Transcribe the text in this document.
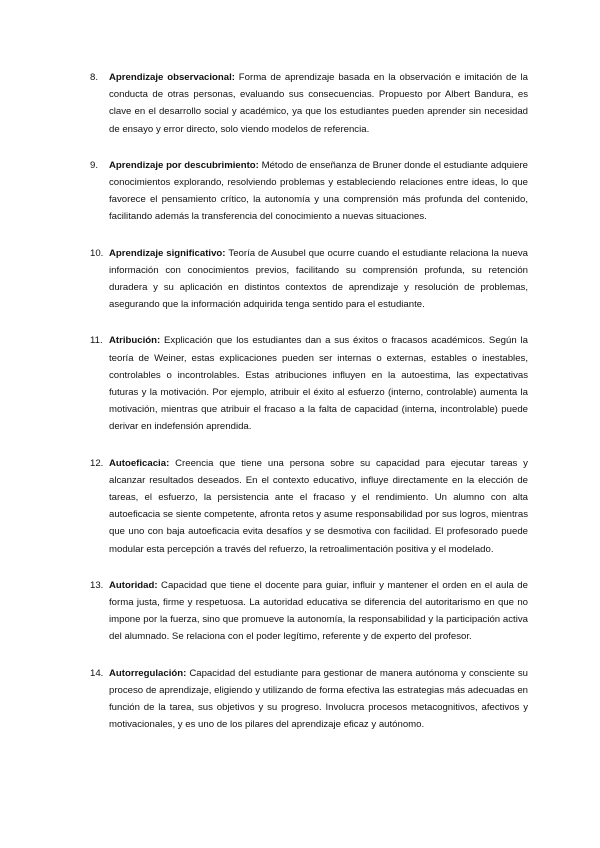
8. Aprendizaje observacional: Forma de aprendizaje basada en la observación e imitación de la conducta de otras personas, evaluando sus consecuencias. Propuesto por Albert Bandura, es clave en el desarrollo social y académico, ya que los estudiantes pueden aprender sin necesidad de ensayo y error directo, solo viendo modelos de referencia.
9. Aprendizaje por descubrimiento: Método de enseñanza de Bruner donde el estudiante adquiere conocimientos explorando, resolviendo problemas y estableciendo relaciones entre ideas, lo que favorece el pensamiento crítico, la autonomía y una comprensión más profunda del contenido, facilitando además la transferencia del conocimiento a nuevas situaciones.
10. Aprendizaje significativo: Teoría de Ausubel que ocurre cuando el estudiante relaciona la nueva información con conocimientos previos, facilitando su comprensión profunda, su retención duradera y su aplicación en distintos contextos de aprendizaje y resolución de problemas, asegurando que la información adquirida tenga sentido para el estudiante.
11. Atribución: Explicación que los estudiantes dan a sus éxitos o fracasos académicos. Según la teoría de Weiner, estas explicaciones pueden ser internas o externas, estables o inestables, controlables o incontrolables. Estas atribuciones influyen en la autoestima, las expectativas futuras y la motivación. Por ejemplo, atribuir el éxito al esfuerzo (interno, controlable) aumenta la motivación, mientras que atribuir el fracaso a la falta de capacidad (interna, incontrolable) puede derivar en indefensión aprendida.
12. Autoeficacia: Creencia que tiene una persona sobre su capacidad para ejecutar tareas y alcanzar resultados deseados. En el contexto educativo, influye directamente en la elección de tareas, el esfuerzo, la persistencia ante el fracaso y el rendimiento. Un alumno con alta autoeficacia se siente competente, afronta retos y asume responsabilidad por sus logros, mientras que uno con baja autoeficacia evita desafíos y se desmotiva con facilidad. El profesorado puede modular esta percepción a través del refuerzo, la retroalimentación positiva y el modelado.
13. Autoridad: Capacidad que tiene el docente para guiar, influir y mantener el orden en el aula de forma justa, firme y respetuosa. La autoridad educativa se diferencia del autoritarismo en que no impone por la fuerza, sino que promueve la autonomía, la responsabilidad y la participación activa del alumnado. Se relaciona con el poder legítimo, referente y de experto del profesor.
14. Autorregulación: Capacidad del estudiante para gestionar de manera autónoma y consciente su proceso de aprendizaje, eligiendo y utilizando de forma efectiva las estrategias más adecuadas en función de la tarea, sus objetivos y su progreso. Involucra procesos metacognitivos, afectivos y motivacionales, y es uno de los pilares del aprendizaje eficaz y autónomo.
